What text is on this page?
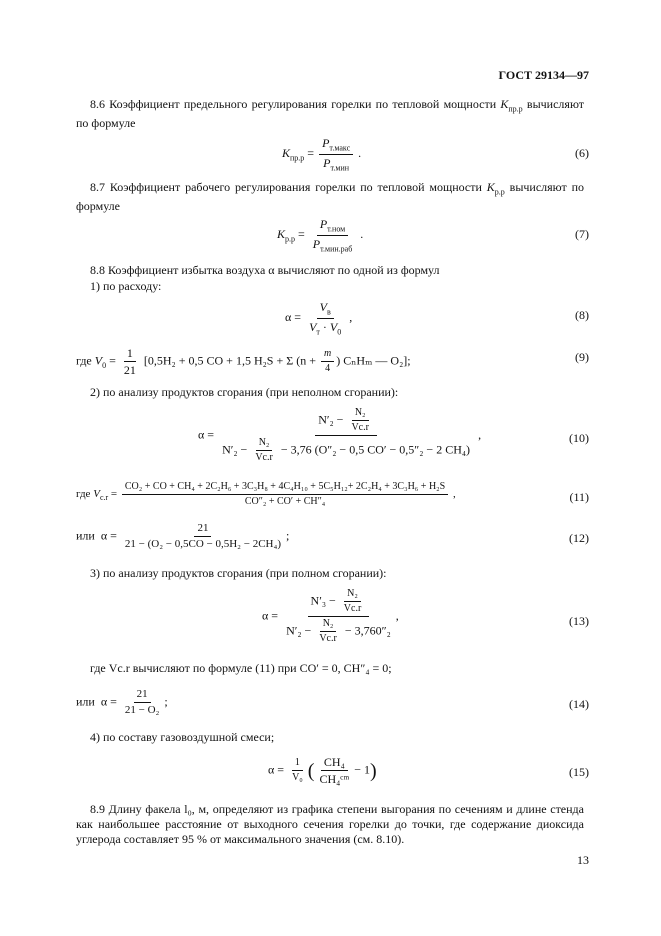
ГОСТ 29134—97
8.6 Коэффициент предельного регулирования горелки по тепловой мощности $K_{пр.р}$ вычисляют по формуле
$K_{пр.р} = \frac{P_{т.макс}}{P_{т.мин}}$ .	(6)
8.7 Коэффициент рабочего регулирования горелки по тепловой мощности $K_{р.р}$ вычисляют по формуле
$K_{р.р} = \frac{P_{т.ном}}{P_{т.мин.раб}}$ .	(7)
8.8 Коэффициент избытка воздуха α вычисляют по одной из формул
1) по расходу:
$\alpha = \frac{V_в}{V_т \cdot V_0}$ ,	(8)
где $V_0 = \frac{1}{21} [0,5H_2 + 0,5$ CO + 1,5 H₂S + Σ ($n + \frac{m}{4}$ ) CₙHₘ — O₂];	(9)
2) по анализу продуктов сгорания (при неполном сгорании):
α =
$N'_2 - \frac{\text{N₂}}{Vc.r}$
$N'_2 - \frac{\text{N₂}}{Vc.r} - 3,76$ (O″₂ − 0,5 CO′ − 0,5″₂ − 2 CH₄)
,	(10)
где $V_{c.r}$ =
CO₂ + CO + CH₄ + 2C₂H₆ + 3C₃H₈ + 4C₄H₁₀ + 5C₅H₁₂+ 2C₂H₄ + 3C₃H₆ + H₂S
CO″₂ + CO′ + CH″₄
,	(11)
или  $\alpha = \frac{21}{\text{21 − (O₂ − 0,5CO − 0,5H₂ − 2CH₄)}}$ ;	(12)
3) по анализу продуктов сгорания (при полном сгорании):
$\alpha = \frac{N'_3 - \frac{\text{N₂}}{Vc.r}}{N'_2 - \frac{\text{N₂}}{Vc.r} - 3,760''_2}$ ,	(13)
где Vc.r вычисляют по формуле (11) при CO′ = 0, CH″₄ = 0;
или  $\alpha = \frac{21}{\text{21 − O₂}}$ ;	(14)
4) по составу газовоздушной смеси;
$\alpha = \frac{1}{\text{V₀}}$ ( $\frac{\text{CH₄}}{\text{CH₄ᶜᵐ}} - 1$)	(15)
8.9 Длину факела l₀, м, определяют из графика степени выгорания по сечениям и длине стенда как наибольшее расстояние от выходного сечения горелки до точки, где содержание диоксида углерода составляет 95 % от максимального значения (см. 8.10).
13
